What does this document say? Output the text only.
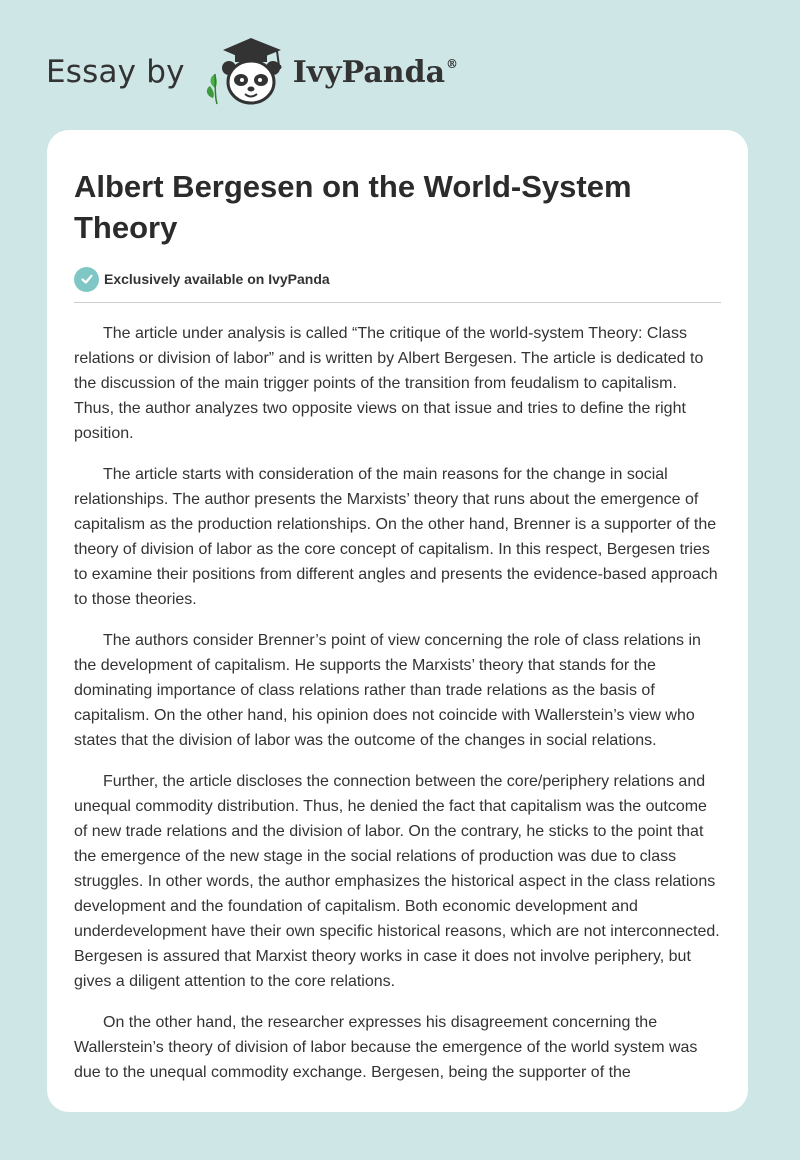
Essay by	IvyPanda®
Albert Bergesen on the World-System Theory
Exclusively available on IvyPanda

The article under analysis is called “The critique of the world-system Theory: Class relations or division of labor” and is written by Albert Bergesen. The article is dedicated to the discussion of the main trigger points of the transition from feudalism to capitalism. Thus, the author analyzes two opposite views on that issue and tries to define the right position.

The article starts with consideration of the main reasons for the change in social relationships. The author presents the Marxists’ theory that runs about the emergence of capitalism as the production relationships. On the other hand, Brenner is a supporter of the theory of division of labor as the core concept of capitalism. In this respect, Bergesen tries to examine their positions from different angles and presents the evidence-based approach to those theories.

The authors consider Brenner’s point of view concerning the role of class relations in the development of capitalism. He supports the Marxists’ theory that stands for the dominating importance of class relations rather than trade relations as the basis of capitalism. On the other hand, his opinion does not coincide with Wallerstein’s view who states that the division of labor was the outcome of the changes in social relations.

Further, the article discloses the connection between the core/periphery relations and unequal commodity distribution. Thus, he denied the fact that capitalism was the outcome of new trade relations and the division of labor. On the contrary, he sticks to the point that the emergence of the new stage in the social relations of production was due to class struggles. In other words, the author emphasizes the historical aspect in the class relations development and the foundation of capitalism. Both economic development and underdevelopment have their own specific historical reasons, which are not interconnected. Bergesen is assured that Marxist theory works in case it does not involve periphery, but gives a diligent attention to the core relations.

On the other hand, the researcher expresses his disagreement concerning the Wallerstein’s theory of division of labor because the emergence of the world system was due to the unequal commodity exchange. Bergesen, being the supporter of the
